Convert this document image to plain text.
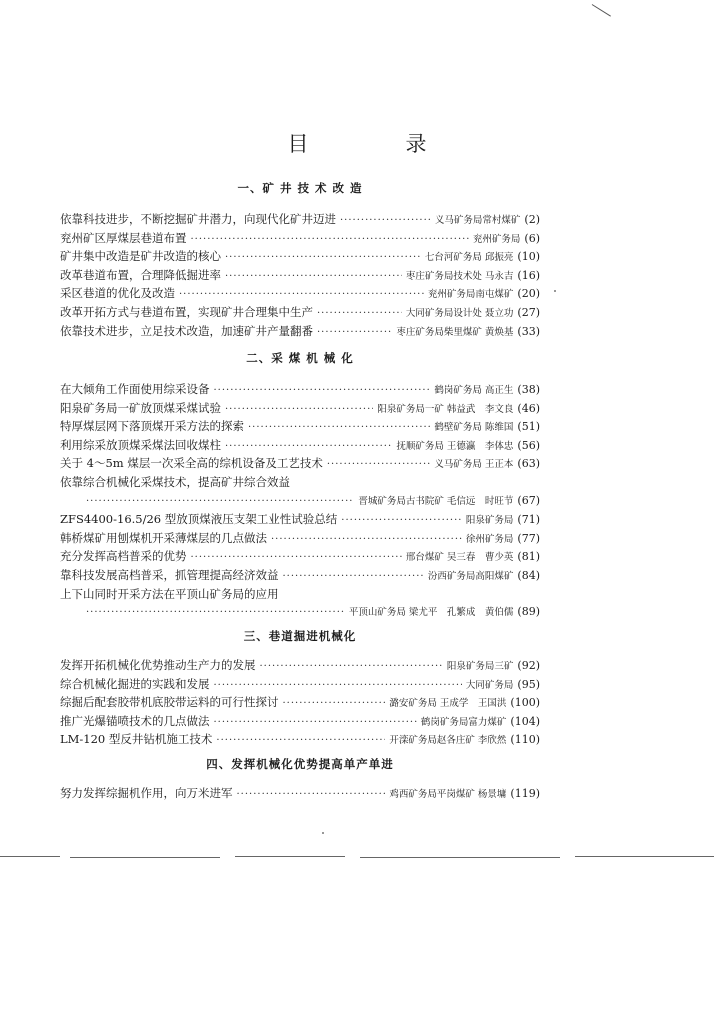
目　录
一、矿 井 技 术 改 造
依靠科技进步，不断挖掘矿井潜力，向现代化矿井迈进 ·····	义马矿务局常村煤矿 (2)
兖州矿区厚煤层巷道布置 ·····	兖州矿务局 (6)
矿井集中改造是矿井改造的核心 ·····	七台河矿务局 邱振亮 (10)
改革巷道布置，合理降低掘进率 ·····	枣庄矿务局技术处 马永吉 (16)
采区巷道的优化及改造 ·····	兖州矿务局南屯煤矿 (20)
改革开拓方式与巷道布置，实现矿井合理集中生产 ·····	大同矿务局设计处 聂立功 (27)
依靠技术进步，立足技术改造，加速矿井产量翻番 ·····	枣庄矿务局柴里煤矿 黄焕基 (33)
二、采 煤 机 械 化
在大倾角工作面使用综采设备 ·····	鹤岗矿务局 高正生 (38)
阳泉矿务局一矿放顶煤采煤试验 ·····	阳泉矿务局一矿 韩益武　李文良 (46)
特厚煤层网下落顶煤开采方法的探索 ·····	鹤壁矿务局 陈维国 (51)
利用综采放顶煤采煤法回收煤柱 ·····	抚顺矿务局 王德瀛　李体忠 (56)
关于 4～5m 煤层一次采全高的综机设备及工艺技术 ·····	义马矿务局 王正本 (63)
依靠综合机械化采煤技术，提高矿井综合效益
·····
晋城矿务局古书院矿 毛信远　时旺节 (67)
ZFS4400-16.5/26 型放顶煤液压支架工业性试验总结 ·····	阳泉矿务局 (71)
韩桥煤矿用刨煤机开采薄煤层的几点做法 ·····	徐州矿务局 (77)
充分发挥高档普采的优势 ·····	邢台煤矿 吴三春　曹少英 (81)
靠科技发展高档普采，抓管理提高经济效益 ·····	汾西矿务局高阳煤矿 (84)
上下山同时开采方法在平顶山矿务局的应用
·····
平顶山矿务局 梁尤平　孔繁成　黄伯儒 (89)
三、巷道掘进机械化
发挥开拓机械化优势推动生产力的发展 ·····	阳泉矿务局三矿 (92)
综合机械化掘进的实践和发展 ·····	大同矿务局 (95)
综掘后配套胶带机底胶带运料的可行性探讨 ·····	潞安矿务局 王成学　王国洪 (100)
推广光爆锚喷技术的几点做法 ·····	鹤岗矿务局富力煤矿 (104)
LM-120 型反井钻机施工技术 ·····	开滦矿务局赵各庄矿 李欣然 (110)
四、发挥机械化优势提高单产单进
努力发挥综掘机作用，向万米进军 ·····	鸡西矿务局平岗煤矿 杨景墉 (119)
